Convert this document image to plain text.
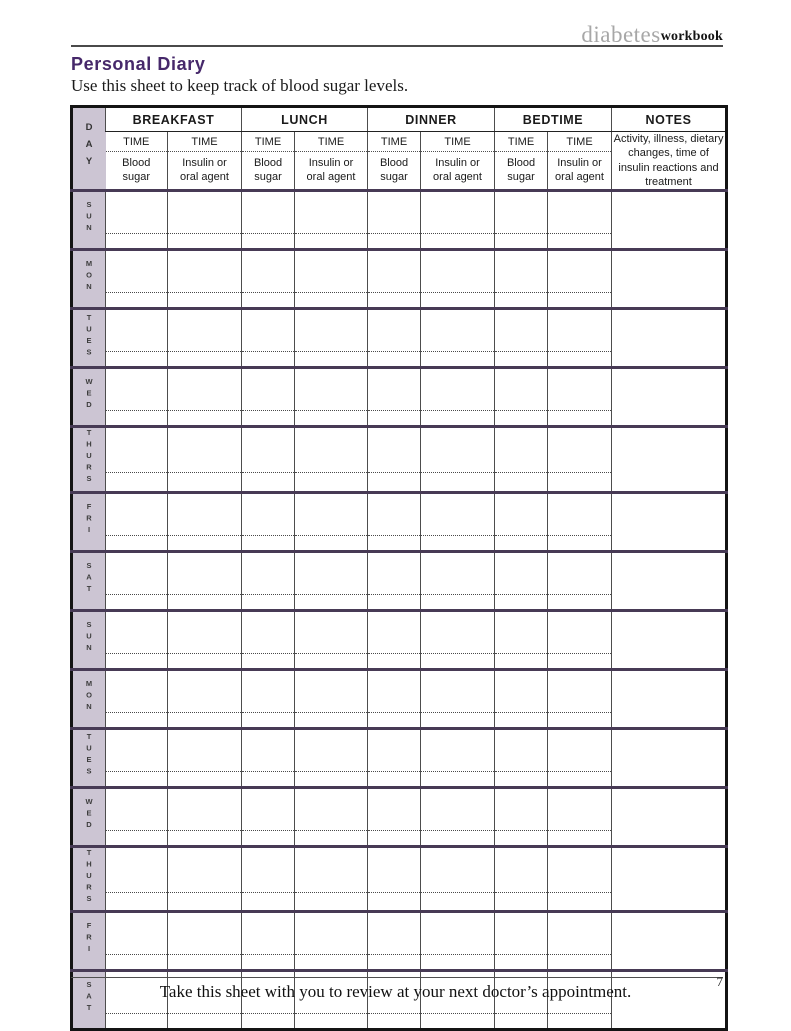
diabetes workbook
Personal Diary
Use this sheet to keep track of blood sugar levels.
DAY	BREAKFAST		LUNCH		DINNER		BEDTIME		NOTES
	TIME	TIME	TIME	TIME	TIME	TIME	TIME	TIME	Activity, illness, dietary changes, time of insulin reactions and treatment
	Blood sugar	Insulin or oral agent	Blood sugar	Insulin or oral agent	Blood sugar	Insulin or oral agent	Blood sugar	Insulin or oral agent	
SUN	

MON	

TUES	

WED	

THURS	

FRI	

SAT	

SUN	

MON	

TUES	

WED	

THURS	

FRI	

SAT	

		Take this sheet with you to review at your next doctor’s appointment.
7
